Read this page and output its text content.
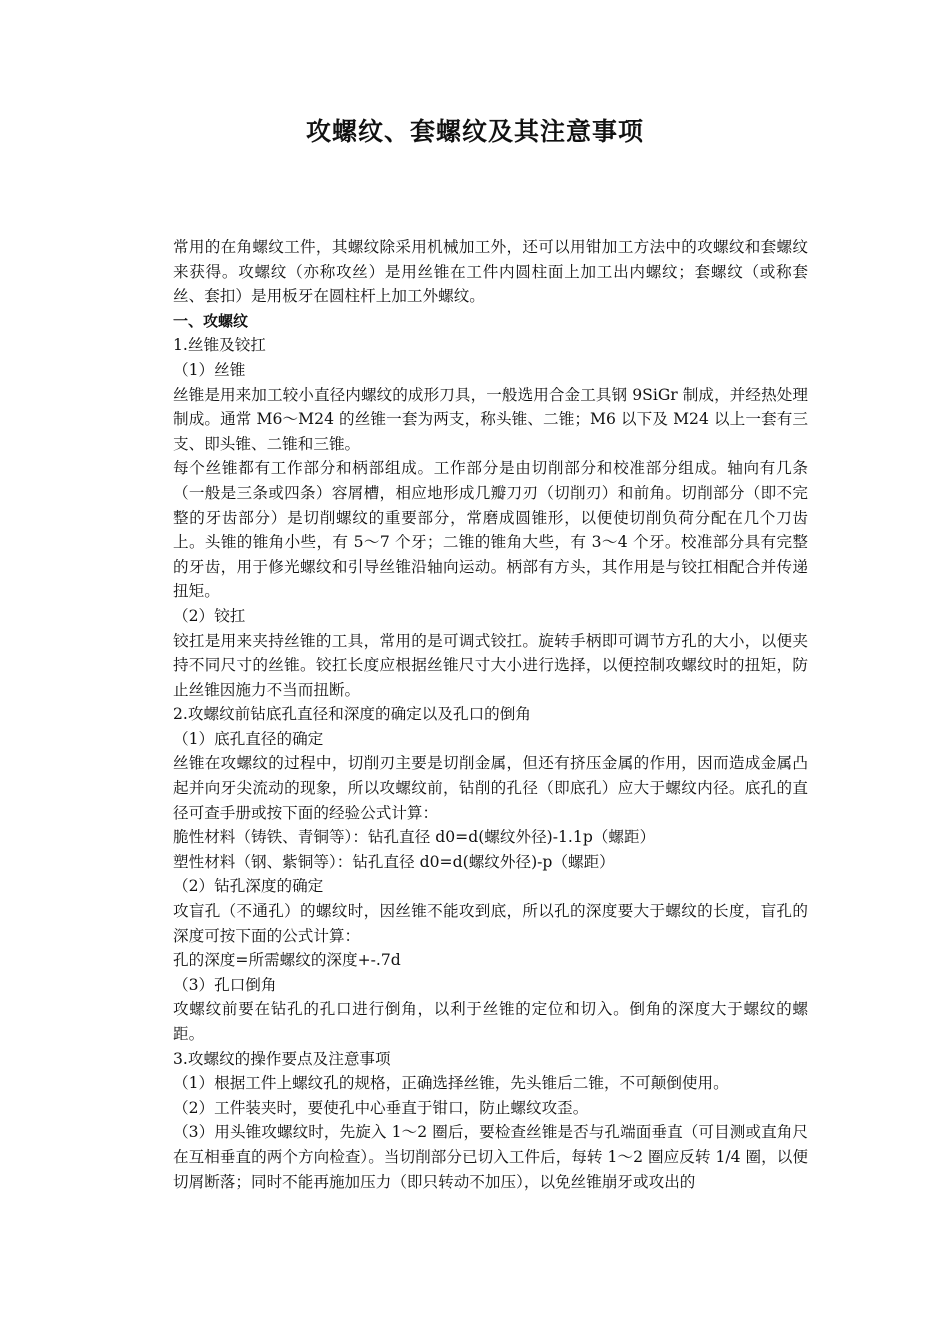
攻螺纹、套螺纹及其注意事项

常用的在角螺纹工件，其螺纹除采用机械加工外，还可以用钳加工方法中的攻螺纹和套螺纹来获得。攻螺纹（亦称攻丝）是用丝锥在工件内圆柱面上加工出内螺纹；套螺纹（或称套丝、套扣）是用板牙在圆柱杆上加工外螺纹。

一、攻螺纹

1.丝锥及铰扛

（1）丝锥

丝锥是用来加工较小直径内螺纹的成形刀具，一般选用合金工具钢 9SiGr 制成，并经热处理制成。通常 M6～M24 的丝锥一套为两支，称头锥、二锥；M6 以下及 M24 以上一套有三支、即头锥、二锥和三锥。

每个丝锥都有工作部分和柄部组成。工作部分是由切削部分和校准部分组成。轴向有几条（一般是三条或四条）容屑槽，相应地形成几瓣刀刃（切削刃）和前角。切削部分（即不完整的牙齿部分）是切削螺纹的重要部分，常磨成圆锥形，以便使切削负荷分配在几个刀齿上。头锥的锥角小些，有 5～7 个牙；二锥的锥角大些，有 3～4 个牙。校准部分具有完整的牙齿，用于修光螺纹和引导丝锥沿轴向运动。柄部有方头，其作用是与铰扛相配合并传递扭矩。

（2）铰扛

铰扛是用来夹持丝锥的工具，常用的是可调式铰扛。旋转手柄即可调节方孔的大小，以便夹持不同尺寸的丝锥。铰扛长度应根据丝锥尺寸大小进行选择，以便控制攻螺纹时的扭矩，防止丝锥因施力不当而扭断。

2.攻螺纹前钻底孔直径和深度的确定以及孔口的倒角

（1）底孔直径的确定

丝锥在攻螺纹的过程中，切削刃主要是切削金属，但还有挤压金属的作用，因而造成金属凸起并向牙尖流动的现象，所以攻螺纹前，钻削的孔径（即底孔）应大于螺纹内径。底孔的直径可查手册或按下面的经验公式计算：

脆性材料（铸铁、青铜等）：钻孔直径 d0=d(螺纹外径)-1.1p（螺距）

塑性材料（钢、紫铜等）：钻孔直径 d0=d(螺纹外径)-p（螺距）

（2）钻孔深度的确定

攻盲孔（不通孔）的螺纹时，因丝锥不能攻到底，所以孔的深度要大于螺纹的长度，盲孔的深度可按下面的公式计算：

孔的深度=所需螺纹的深度+-.7d

（3）孔口倒角

攻螺纹前要在钻孔的孔口进行倒角，以利于丝锥的定位和切入。倒角的深度大于螺纹的螺距。

3.攻螺纹的操作要点及注意事项

（1）根据工件上螺纹孔的规格，正确选择丝锥，先头锥后二锥，不可颠倒使用。

（2）工件装夹时，要使孔中心垂直于钳口，防止螺纹攻歪。

（3）用头锥攻螺纹时，先旋入 1～2 圈后，要检查丝锥是否与孔端面垂直（可目测或直角尺在互相垂直的两个方向检查）。当切削部分已切入工件后，每转 1～2 圈应反转 1/4 圈，以便切屑断落；同时不能再施加压力（即只转动不加压），以免丝锥崩牙或攻出的
